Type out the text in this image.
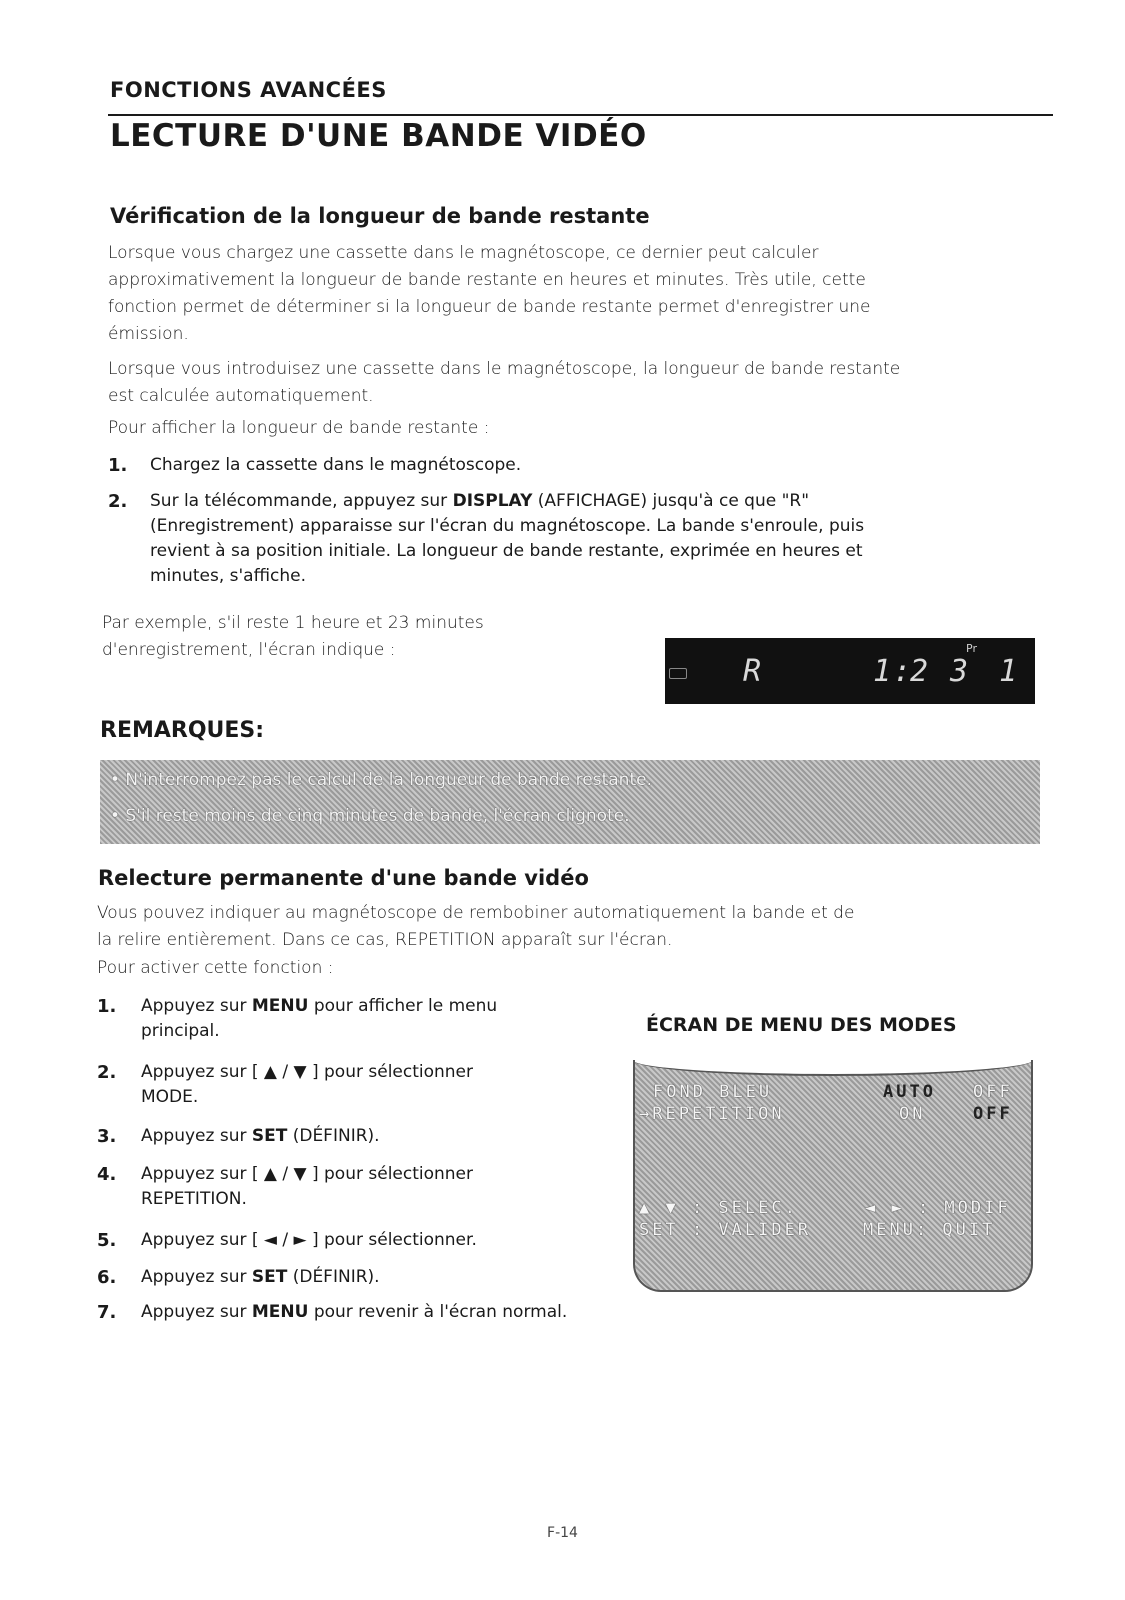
FONCTIONS AVANCÉES
LECTURE D'UNE BANDE VIDÉO
Vérification de la longueur de bande restante
Lorsque vous chargez une cassette dans le magnétoscope, ce dernier peut calculer
approximativement la longueur de bande restante en heures et minutes. Très utile, cette
fonction permet de déterminer si la longueur de bande restante permet d'enregistrer une
émission.
Lorsque vous introduisez une cassette dans le magnétoscope, la longueur de bande restante
est calculée automatiquement.
Pour afficher la longueur de bande restante :
1. Chargez la cassette dans le magnétoscope.
2. Sur la télécommande, appuyez sur DISPLAY (AFFICHAGE) jusqu'à ce que "R"
(Enregistrement) apparaisse sur l'écran du magnétoscope. La bande s'enroule, puis
revient à sa position initiale. La longueur de bande restante, exprimée en heures et
minutes, s'affiche.
Par exemple, s'il reste 1 heure et 23 minutes
d'enregistrement, l'écran indique :	Pr
R	1 :
2 3 1
REMARQUES:
• N'interrompez pas le calcul de la longueur de bande restante.
• S'il reste moins de cinq minutes de bande, l'écran clignote.
Relecture permanente d'une bande vidéo
Vous pouvez indiquer au magnétoscope de rembobiner automatiquement la bande et de
la relire entièrement. Dans ce cas, REPETITION apparaît sur l'écran.
Pour activer cette fonction :
1. Appuyez sur MENU pour afficher le menu
principal.
2. Appuyez sur [ ▲ / ▼ ] pour sélectionner
MODE.
3. Appuyez sur SET (DÉFINIR).
4. Appuyez sur [ ▲ / ▼ ] pour sélectionner
REPETITION.
5. Appuyez sur [ ◄ / ► ] pour sélectionner.
6. Appuyez sur SET (DÉFINIR).
7. Appuyez sur MENU pour revenir à l'écran normal.
ÉCRAN DE MENU DES MODES
FOND BLEU	AUTO OFF
→REPETITION	ON	OFF
▲ ▼ : SELEC.	◄ ► : MODIF
SET : VALIDER	MENU: QUIT
F-14
